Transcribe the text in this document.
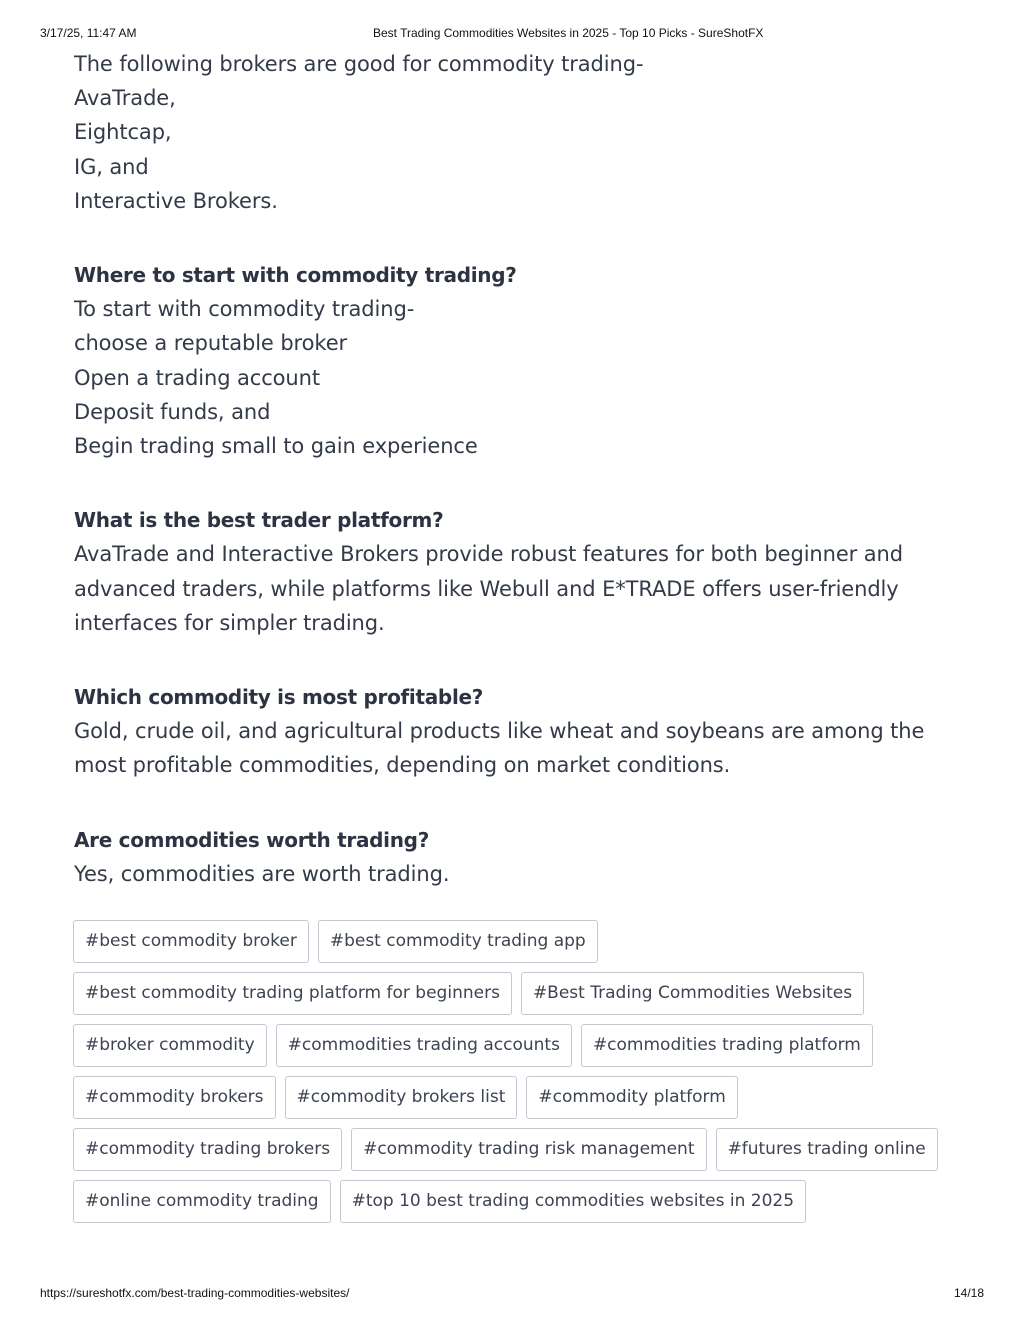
3/17/25, 11:47 AM	Best Trading Commodities Websites in 2025 - Top 10 Picks - SureShotFX
The following brokers are good for commodity trading-
AvaTrade,
Eightcap,
IG, and
Interactive Brokers.
Where to start with commodity trading?
To start with commodity trading-
choose a reputable broker
Open a trading account
Deposit funds, and
Begin trading small to gain experience
What is the best trader platform?
AvaTrade and Interactive Brokers provide robust features for both beginner and
advanced traders, while platforms like Webull and E*TRADE offers user-friendly
interfaces for simpler trading.
Which commodity is most profitable?
Gold, crude oil, and agricultural products like wheat and soybeans are among the
most profitable commodities, depending on market conditions.
Are commodities worth trading?
Yes, commodities are worth trading.
#best commodity broker	#best commodity trading app
#best commodity trading platform for beginners	#Best Trading Commodities Websites
#broker commodity	#commodities trading accounts	#commodities trading platform
#commodity brokers	#commodity brokers list	#commodity platform
#commodity trading brokers	#commodity trading risk management	#futures trading online
#online commodity trading	#top 10 best trading commodities websites in 2025
https://sureshotfx.com/best-trading-commodities-websites/	14/18
